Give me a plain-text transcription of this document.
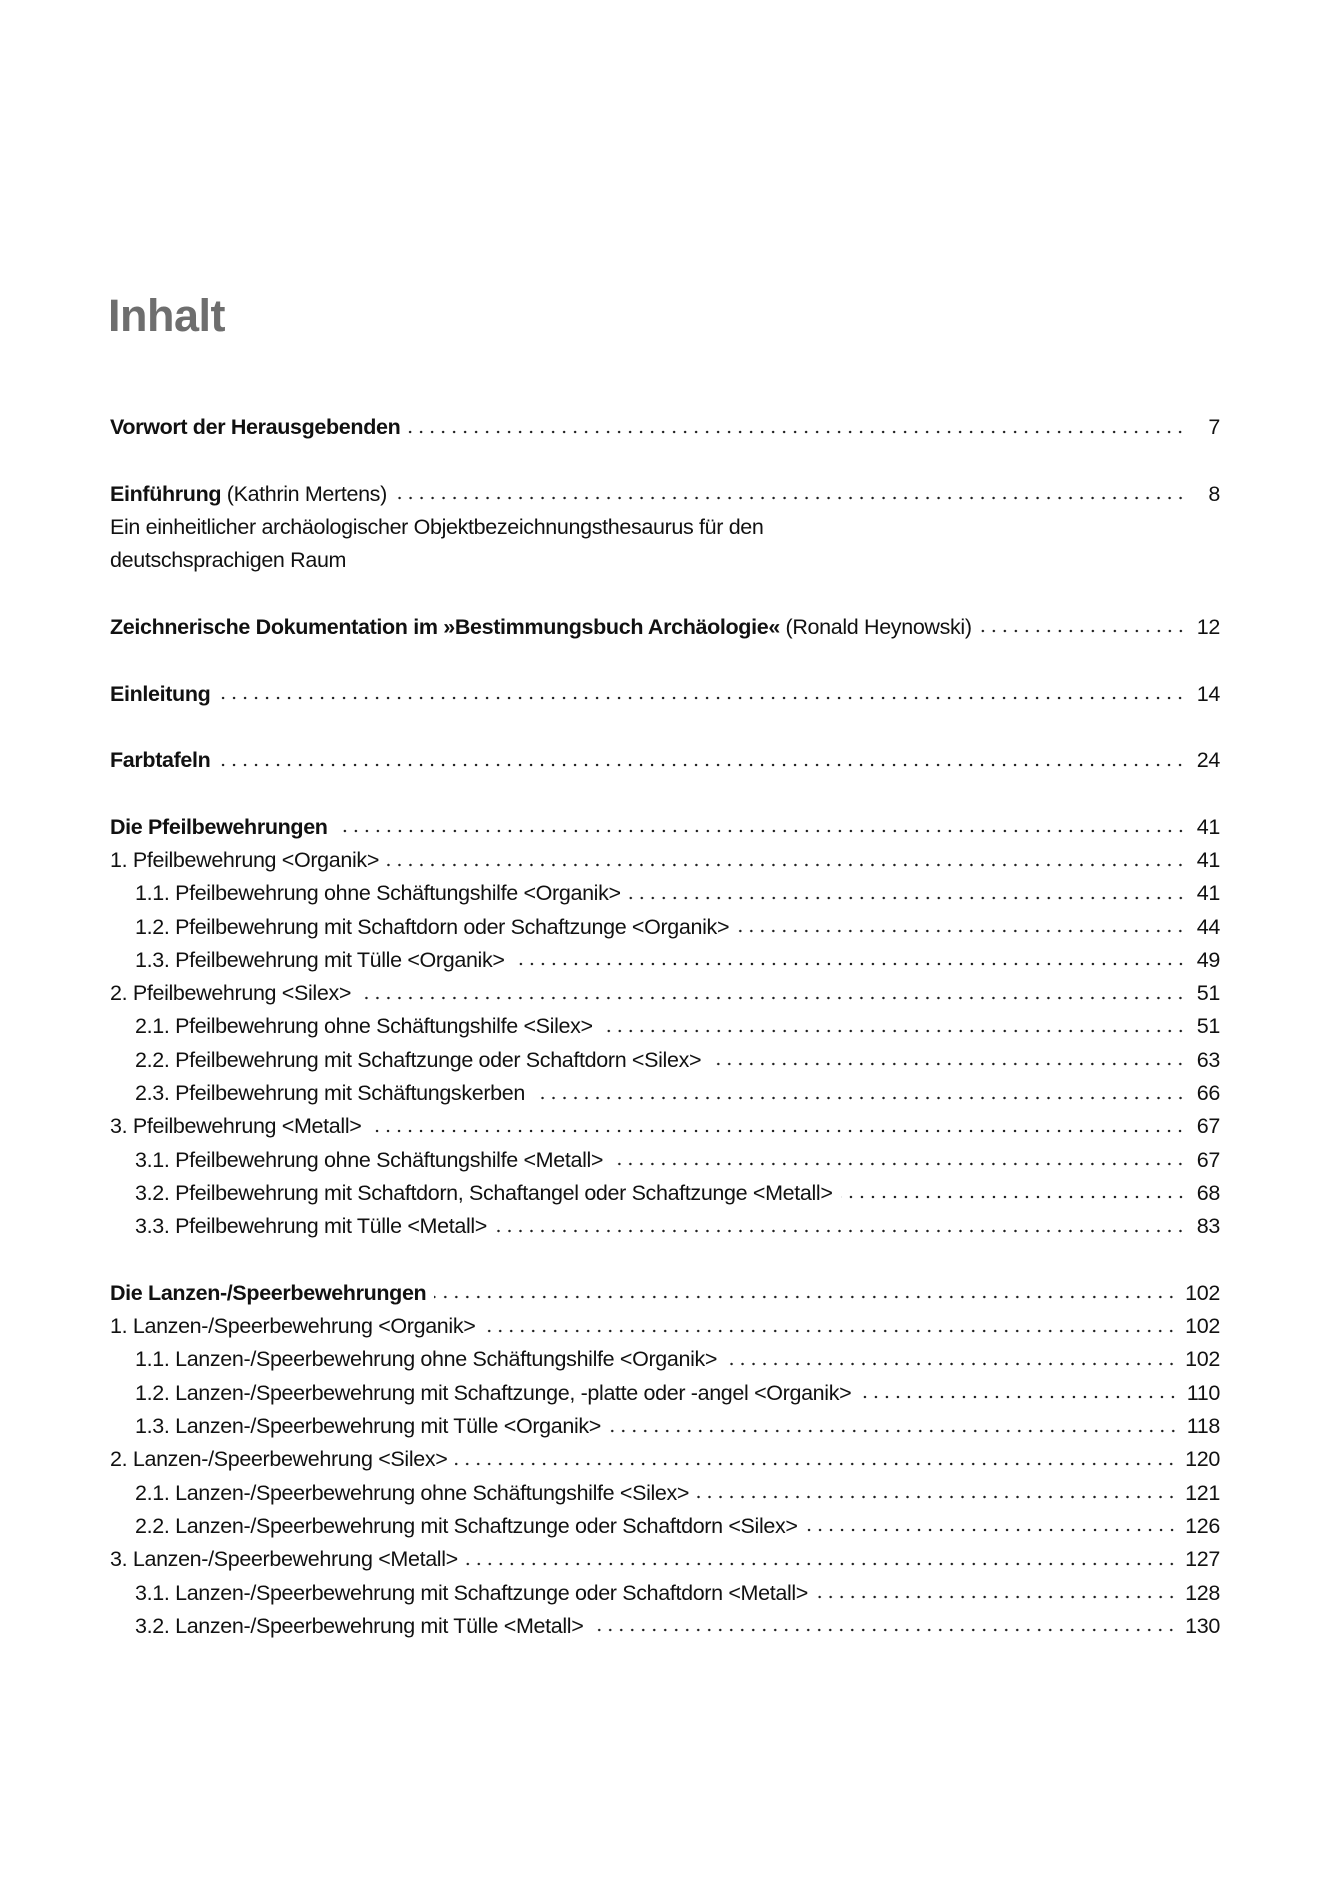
Inhalt
Vorwort der Herausgebenden	7
Einführung (Kathrin Mertens)	8
Ein einheitlicher archäologischer Objektbezeichnungsthesaurus für den
deutschsprachigen Raum
Zeichnerische Dokumentation im »Bestimmungsbuch Archäologie« (Ronald Heynowski)	12
Einleitung	14
Farbtafeln	24
Die Pfeilbewehrungen	41
1. Pfeilbewehrung <Organik>	41
1.1. Pfeilbewehrung ohne Schäftungshilfe <Organik>	41
1.2. Pfeilbewehrung mit Schaftdorn oder Schaftzunge <Organik>	44
1.3. Pfeilbewehrung mit Tülle <Organik>	49
2. Pfeilbewehrung <Silex>	51
2.1. Pfeilbewehrung ohne Schäftungshilfe <Silex>	51
2.2. Pfeilbewehrung mit Schaftzunge oder Schaftdorn <Silex>	63
2.3. Pfeilbewehrung mit Schäftungskerben	66
3. Pfeilbewehrung <Metall>	67
3.1. Pfeilbewehrung ohne Schäftungshilfe <Metall>	67
3.2. Pfeilbewehrung mit Schaftdorn, Schaftangel oder Schaftzunge <Metall>	68
3.3. Pfeilbewehrung mit Tülle <Metall>	83
Die Lanzen-/Speerbewehrungen	102
1. Lanzen-/Speerbewehrung <Organik>	102
1.1. Lanzen-/Speerbewehrung ohne Schäftungshilfe <Organik>	102
1.2. Lanzen-/Speerbewehrung mit Schaftzunge, -platte oder -angel <Organik>	110
1.3. Lanzen-/Speerbewehrung mit Tülle <Organik>	118
2. Lanzen-/Speerbewehrung <Silex>	120
2.1. Lanzen-/Speerbewehrung ohne Schäftungshilfe <Silex>	121
2.2. Lanzen-/Speerbewehrung mit Schaftzunge oder Schaftdorn <Silex>	126
3. Lanzen-/Speerbewehrung <Metall>	127
3.1. Lanzen-/Speerbewehrung mit Schaftzunge oder Schaftdorn <Metall>	128
3.2. Lanzen-/Speerbewehrung mit Tülle <Metall>	130
